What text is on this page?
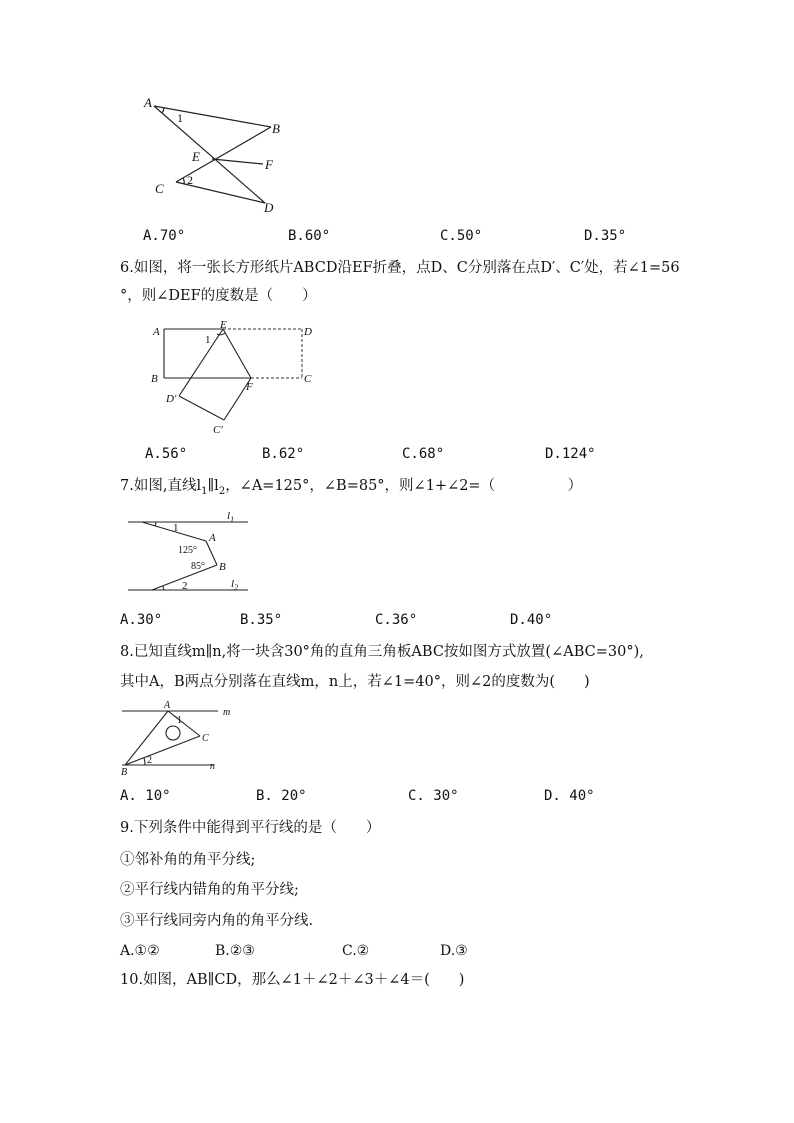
A
B
E
F
C
D
1
2
A.70°	B.60°	C.50°	D.35°
6.如图，将一张长方形纸片ABCD沿EF折叠，点D、C分别落在点D′、C′处，若∠1=56
°，则∠DEF的度数是（　　）
A
E
D
B
F
C
D′
C′
1
A.56°	B.62°	C.68°	D.124°
7.如图,直线$l_1\parallel l_2$，∠A=125°，∠B=85°，则∠1+∠2=（　　　　　）
$l_1$
$l_2$
A
B
125°
85°
1
2
A.30°	B.35°	C.36°	D.40°
8.已知直线m∥n,将一块含30°角的直角三角板ABC按如图方式放置(∠ABC=30°),
其中A，B两点分别落在直线m，n上，若∠1=40°，则∠2的度数为(　　)
A
B
C
m
n
1
2
A. 10°	B. 20°	C. 30°	D. 40°
9.下列条件中能得到平行线的是（　　）
①邻补角的角平分线;
②平行线内错角的角平分线;
③平行线同旁内角的角平分线.
A.①②	B.②③	C.②	D.③
10.如图，AB∥CD，那么∠1＋∠2＋∠3＋∠4＝(　　)
